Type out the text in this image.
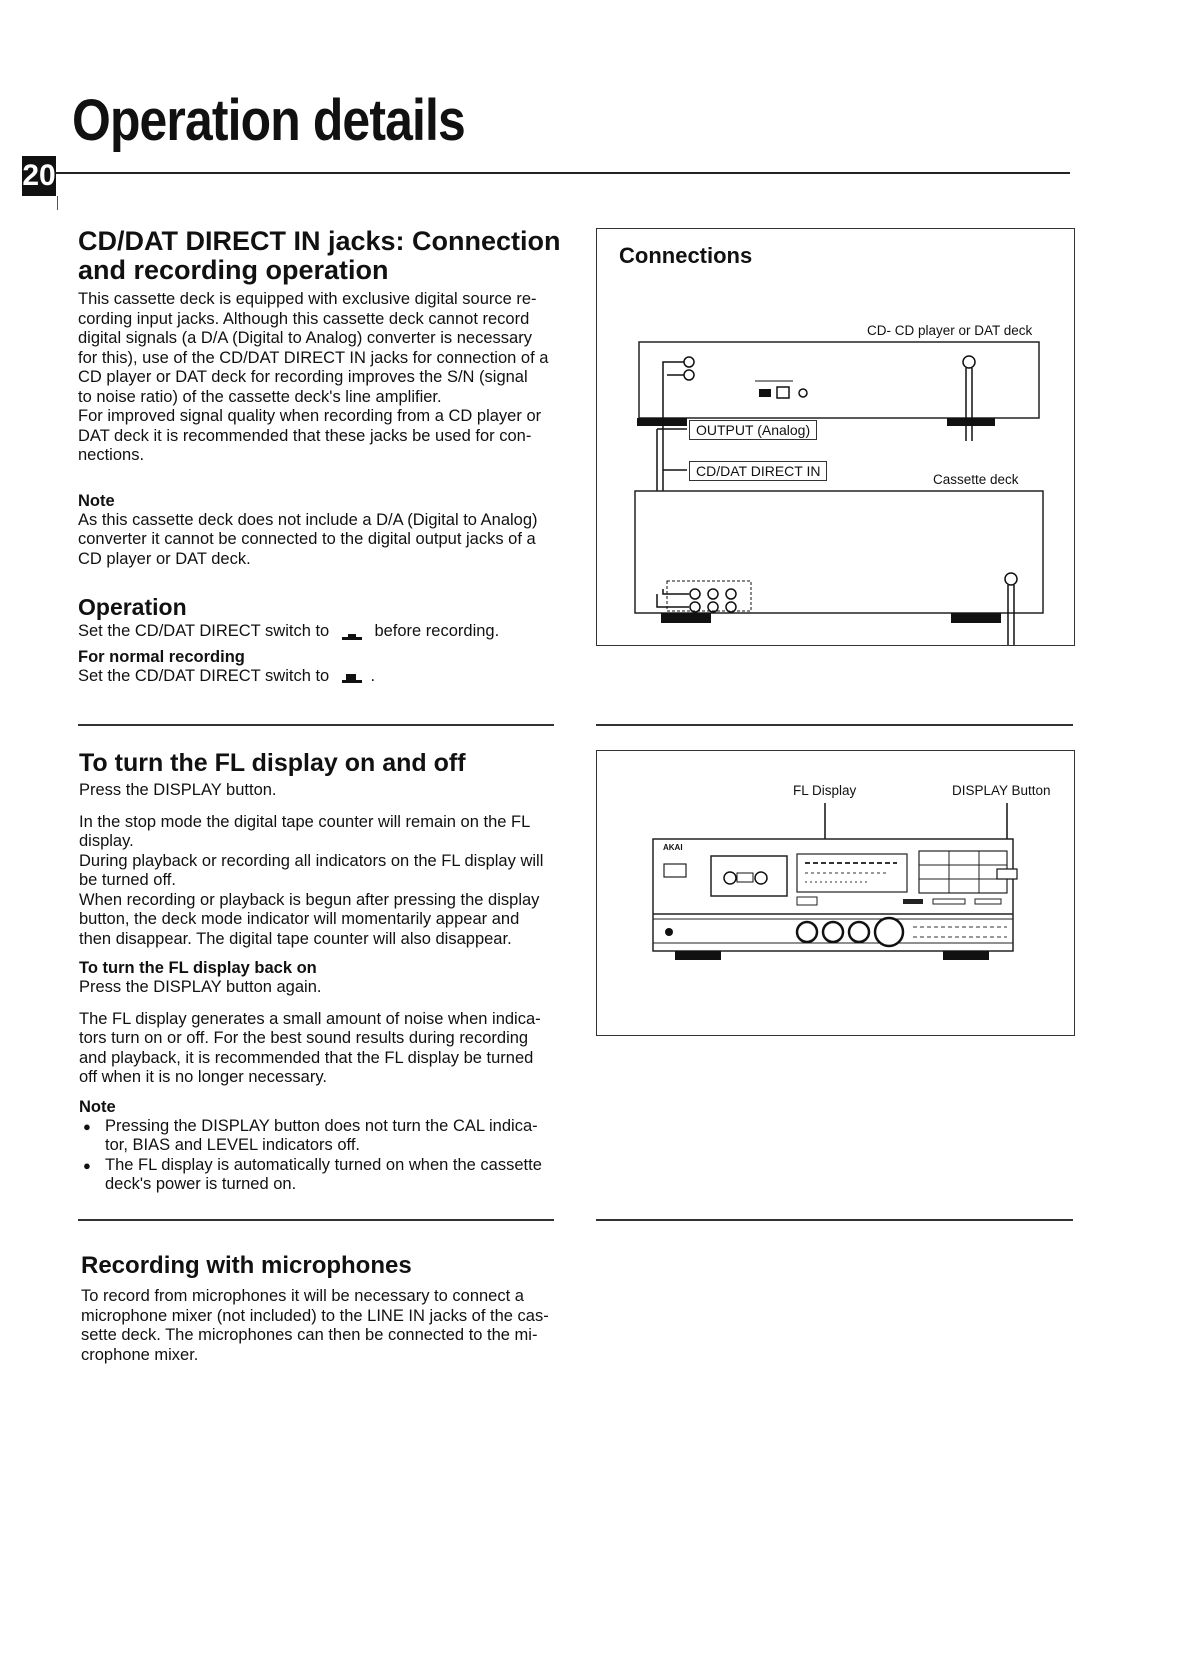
Operation details
20

CD/DAT DIRECT IN jacks: Connection

and recording operation

This cassette deck is equipped with exclusive digital source re-

cording input jacks. Although this cassette deck cannot record

digital signals (a D/A (Digital to Analog) converter is necessary

for this), use of the CD/DAT DIRECT IN jacks for connection of a

CD player or DAT deck for recording improves the S/N (signal

to noise ratio) of the cassette deck's line amplifier.

For improved signal quality when recording from a CD player or

DAT deck it is recommended that these jacks be used for con-

nections.

Note

As this cassette deck does not include a D/A (Digital to Analog)

converter it cannot be connected to the digital output jacks of a

CD player or DAT deck.

Operation

Set the CD/DAT DIRECT switch to	before recording.

For normal recording

Set the CD/DAT DIRECT switch to .

Connections

CD- CD player or DAT deck
OUTPUT (Analog)
CD/DAT DIRECT IN
Cassette deck

To turn the FL display on and off

Press the DISPLAY button.

In the stop mode the digital tape counter will remain on the FL

display.

During playback or recording all indicators on the FL display will

be turned off.

When recording or playback is begun after pressing the display

button, the deck mode indicator will momentarily appear and

then disappear. The digital tape counter will also disappear.

To turn the FL display back on

Press the DISPLAY button again.

The FL display generates a small amount of noise when indica-

tors turn on or off. For the best sound results during recording

and playback, it is recommended that the FL display be turned

off when it is no longer necessary.

Note

● Pressing the DISPLAY button does not turn the CAL indica-
tor, BIAS and LEVEL indicators off.
● The FL display is automatically turned on when the cassette
deck's power is turned on.
FL Display	DISPLAY Button
AKAI

Recording with microphones

To record from microphones it will be necessary to connect a

microphone mixer (not included) to the LINE IN jacks of the cas-

sette deck. The microphones can then be connected to the mi-

crophone mixer.
